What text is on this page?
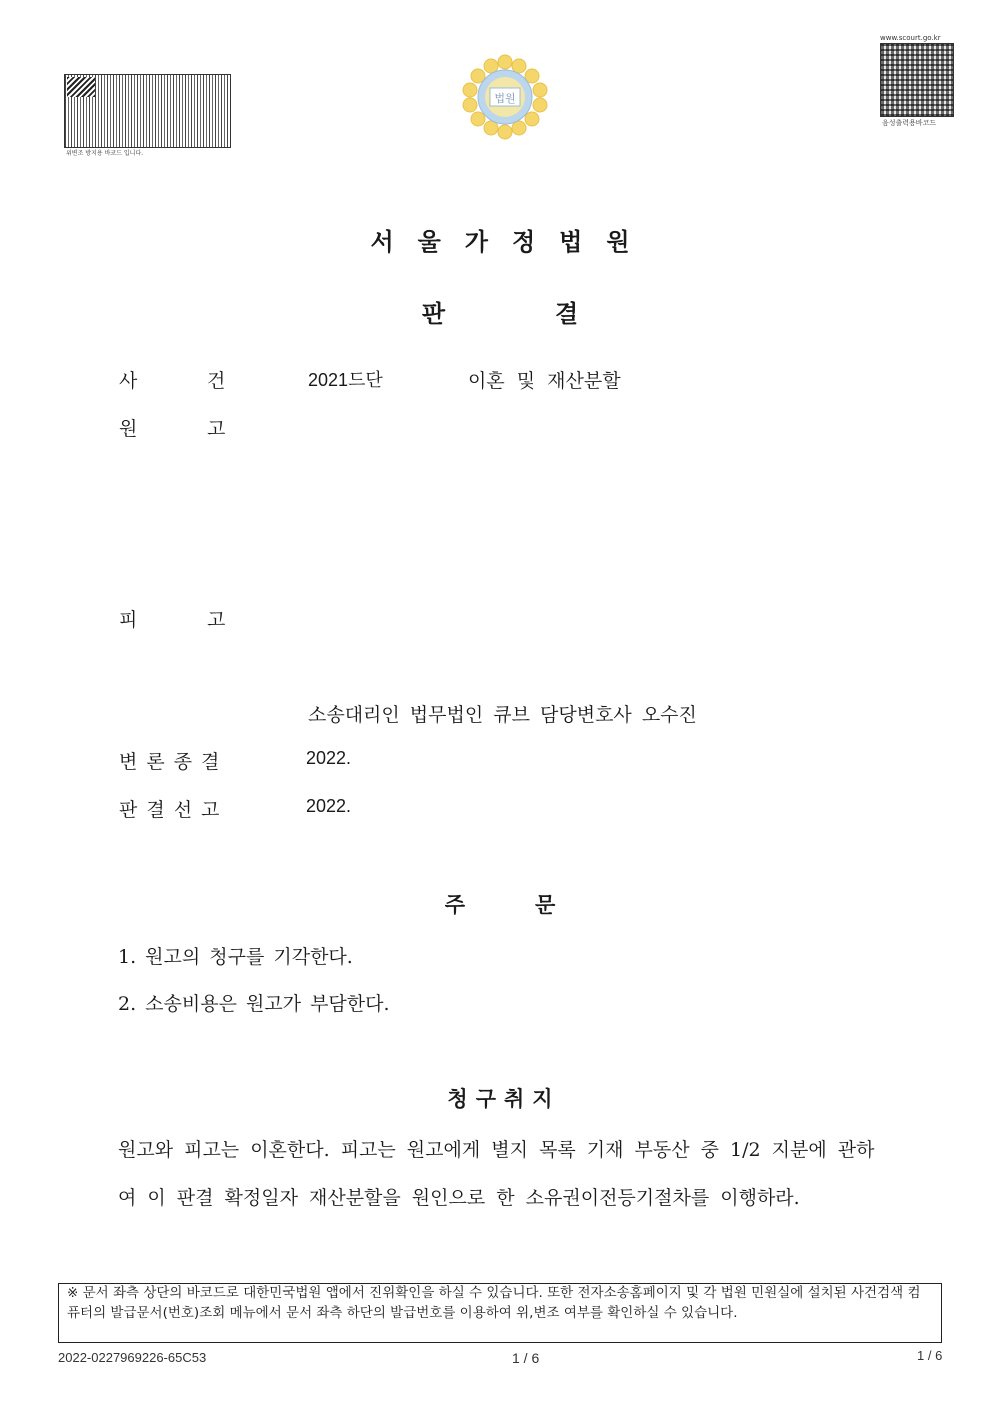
위변조 방지용 바코드 입니다.
법원
www.scourt.go.kr
음성출력용바코드
서울가정법원
판	결
사	건	2021드단	이혼 및 재산분할
원	고
피	고
소송대리인 법무법인 큐브 담당변호사 오수진
변론종결	2022.
판결선고	2022.
주	문
1. 원고의 청구를 기각한다.
2. 소송비용은 원고가 부담한다.
청구취지
원고와 피고는 이혼한다. 피고는 원고에게 별지 목록 기재 부동산 중 1/2 지분에 관하
여 이 판결 확정일자 재산분할을 원인으로 한 소유권이전등기절차를 이행하라.
※ 문서 좌측 상단의 바코드로 대한민국법원 앱에서 진위확인을 하실 수 있습니다. 또한 전자소송홈페이지 및 각 법원 민원실에 설치된 사건검색 컴퓨터의 발급문서(번호)조회 메뉴에서 문서 좌측 하단의 발급번호를 이용하여 위,변조 여부를 확인하실 수 있습니다.
2022-0227969226-65C53	1 / 6	1 / 6
